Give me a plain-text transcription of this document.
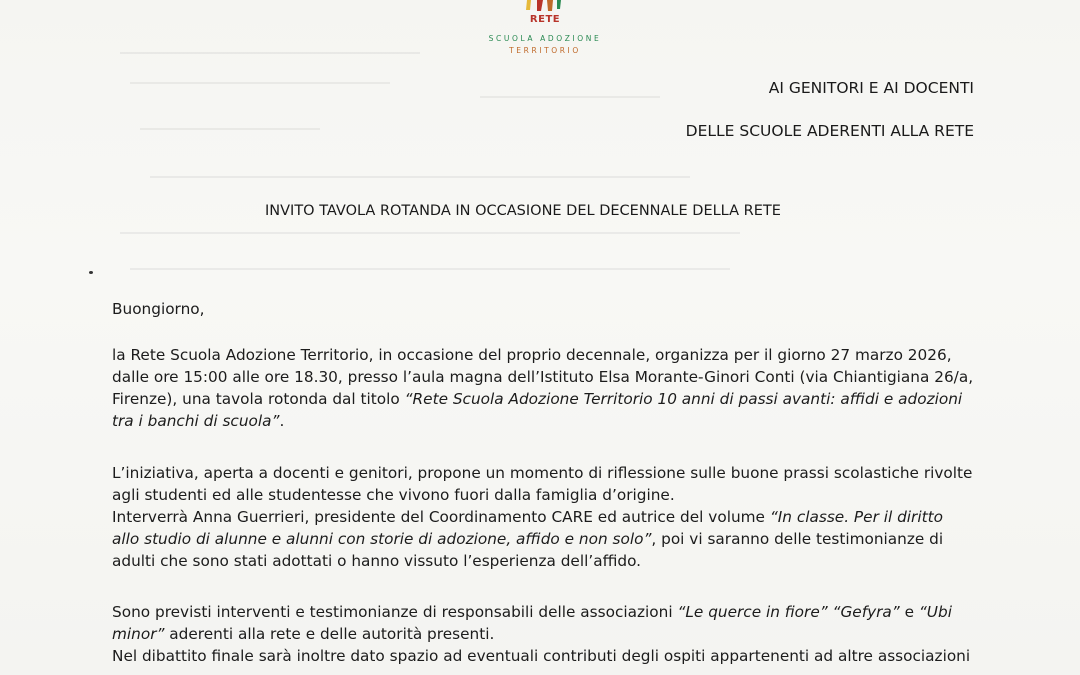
RETE
SCUOLA ADOZIONE
TERRITORIO
AI GENITORI E AI DOCENTI
DELLE SCUOLE ADERENTI ALLA RETE
INVITO TAVOLA ROTANDA IN OCCASIONE DEL DECENNALE DELLA RETE
Buongiorno,
la Rete Scuola Adozione Territorio, in occasione del proprio decennale, organizza per il giorno 27 marzo 2026,
dalle ore 15:00 alle ore 18.30, presso l’aula magna dell’Istituto Elsa Morante-Ginori Conti (via Chiantigiana 26/a,
Firenze), una tavola rotonda dal titolo “Rete Scuola Adozione Territorio 10 anni di passi avanti: affidi e adozioni
tra i banchi di scuola”.
L’iniziativa, aperta a docenti e genitori, propone un momento di riflessione sulle buone prassi scolastiche rivolte
agli studenti ed alle studentesse che vivono fuori dalla famiglia d’origine.
Interverrà Anna Guerrieri, presidente del Coordinamento CARE ed autrice del volume “In classe. Per il diritto
allo studio di alunne e alunni con storie di adozione, affido e non solo”, poi vi saranno delle testimonianze di
adulti che sono stati adottati o hanno vissuto l’esperienza dell’affido.
Sono previsti interventi e testimonianze di responsabili delle associazioni “Le querce in fiore” “Gefyra” e “Ubi
minor” aderenti alla rete e delle autorità presenti.
Nel dibattito finale sarà inoltre dato spazio ad eventuali contributi degli ospiti appartenenti ad altre associazioni
